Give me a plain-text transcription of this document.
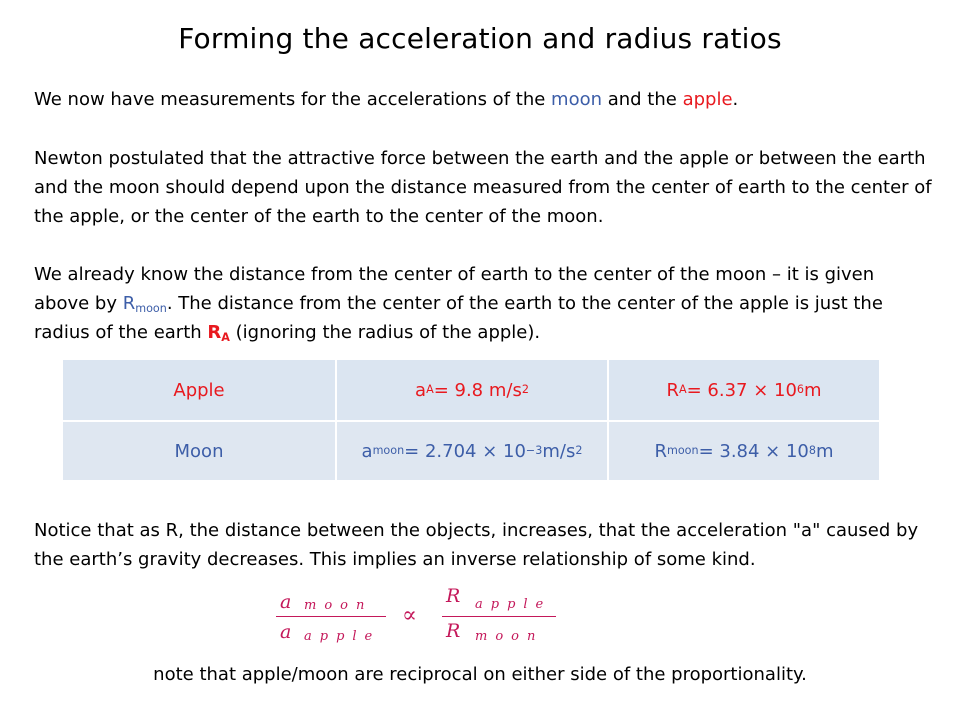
Forming the acceleration and radius ratios
We now have measurements for the accelerations of the moon and the apple.
Newton postulated that the attractive force between the earth and the apple or between the earth and the moon should depend upon the distance measured from the center of earth to the center of the apple, or the center of the earth to the center of the moon.
We already know the distance from the center of earth to the center of the moon – it is given above by $R_{moon}$. The distance from the center of the earth to the center of the apple is just the radius of the earth $R_A$ (ignoring the radius of the apple).
Apple	a A = 9.8 m/s 2	R A = 6.37 × 10 6 m
Moon	a moon = 2.704 × 10 −3 m/s 2	R moon = 3.84 × 10 8 m
Notice that as R, the distance between the objects, increases, that the acceleration "a" caused by the earth’s gravity decreases. This implies an inverse relationship of some kind.
a moon
a apple
∝
R apple
R moon
note that apple/moon are reciprocal on either side of the proportionality.
